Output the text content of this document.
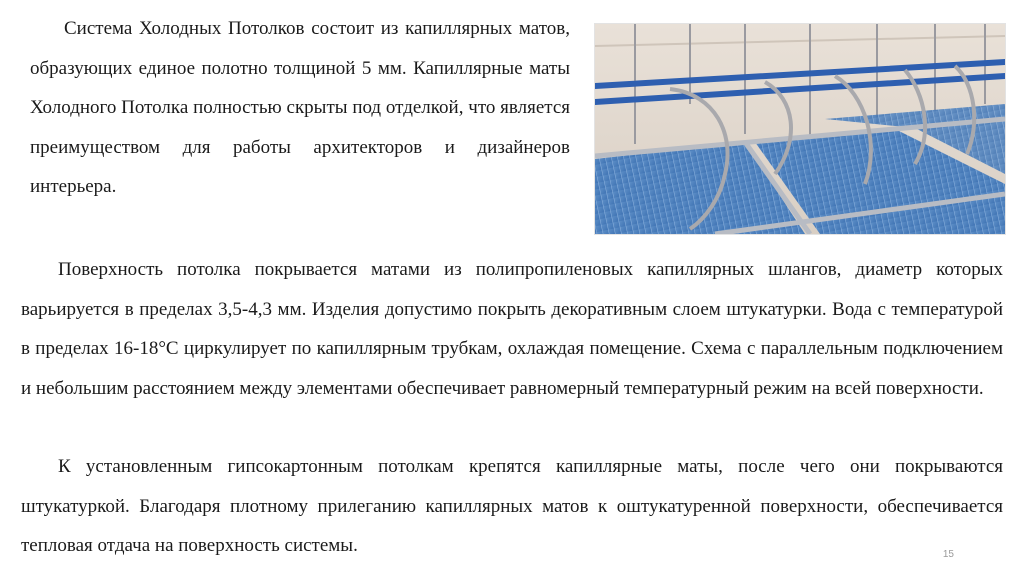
Система Холодных Потолков состоит из капиллярных матов, образующих единое полотно толщиной 5 мм. Капиллярные маты Холодного Потолка полностью скрыты под отделкой, что является преимуществом для работы архитекторов и дизайнеров интерьера.

Поверхность потолка покрывается матами из полипропиленовых капиллярных шлангов, диаметр которых варьируется в пределах 3,5-4,3 мм. Изделия допустимо покрыть декоративным слоем штукатурки. Вода с температурой в пределах 16-18°С циркулирует по капиллярным трубкам, охлаждая помещение. Схема с параллельным подключением и небольшим расстоянием между элементами обеспечивает равномерный температурный режим на всей поверхности.

К установленным гипсокартонным потолкам крепятся капиллярные маты, после чего они покрываются штукатуркой. Благодаря плотному прилеганию капиллярных матов к оштукатуренной поверхности, обеспечивается тепловая отдача на поверхность системы.	15
